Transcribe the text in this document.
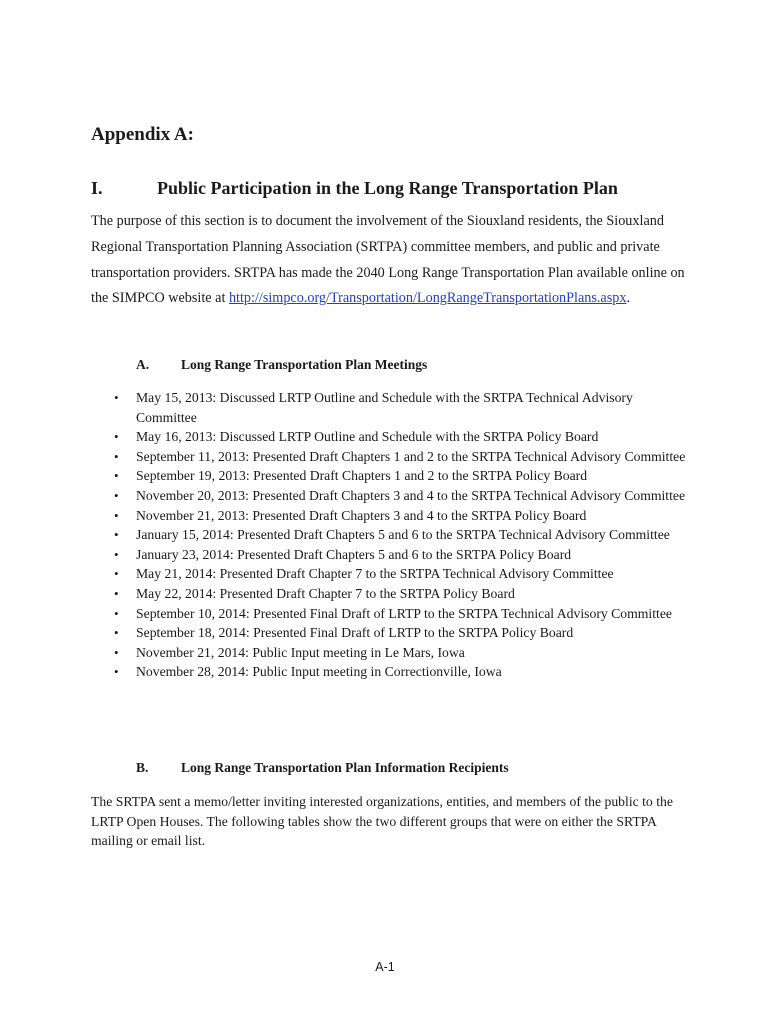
Appendix A:
I.	Public Participation in the Long Range Transportation Plan

The purpose of this section is to document the involvement of the Siouxland residents, the Siouxland Regional Transportation Planning Association (SRTPA) committee members, and public and private transportation providers. SRTPA has made the 2040 Long Range Transportation Plan available online on the SIMPCO website at http://simpco.org/Transportation/LongRangeTransportationPlans.aspx.

A. Long Range Transportation Plan Meetings
• May 15, 2013: Discussed LRTP Outline and Schedule with the SRTPA Technical Advisory Committee
• May 16, 2013: Discussed LRTP Outline and Schedule with the SRTPA Policy Board
• September 11, 2013: Presented Draft Chapters 1 and 2 to the SRTPA Technical Advisory Committee
• September 19, 2013: Presented Draft Chapters 1 and 2 to the SRTPA Policy Board
• November 20, 2013: Presented Draft Chapters 3 and 4 to the SRTPA Technical Advisory Committee
• November 21, 2013: Presented Draft Chapters 3 and 4 to the SRTPA Policy Board
• January 15, 2014: Presented Draft Chapters 5 and 6 to the SRTPA Technical Advisory Committee
• January 23, 2014: Presented Draft Chapters 5 and 6 to the SRTPA Policy Board
• May 21, 2014: Presented Draft Chapter 7 to the SRTPA Technical Advisory Committee
• May 22, 2014: Presented Draft Chapter 7 to the SRTPA Policy Board
• September 10, 2014: Presented Final Draft of LRTP to the SRTPA Technical Advisory Committee
• September 18, 2014: Presented Final Draft of LRTP to the SRTPA Policy Board
• November 21, 2014: Public Input meeting in Le Mars, Iowa
• November 28, 2014: Public Input meeting in Correctionville, Iowa
B. Long Range Transportation Plan Information Recipients

The SRTPA sent a memo/letter inviting interested organizations, entities, and members of the public to the LRTP Open Houses. The following tables show the two different groups that were on either the SRTPA mailing or email list.

A-1
